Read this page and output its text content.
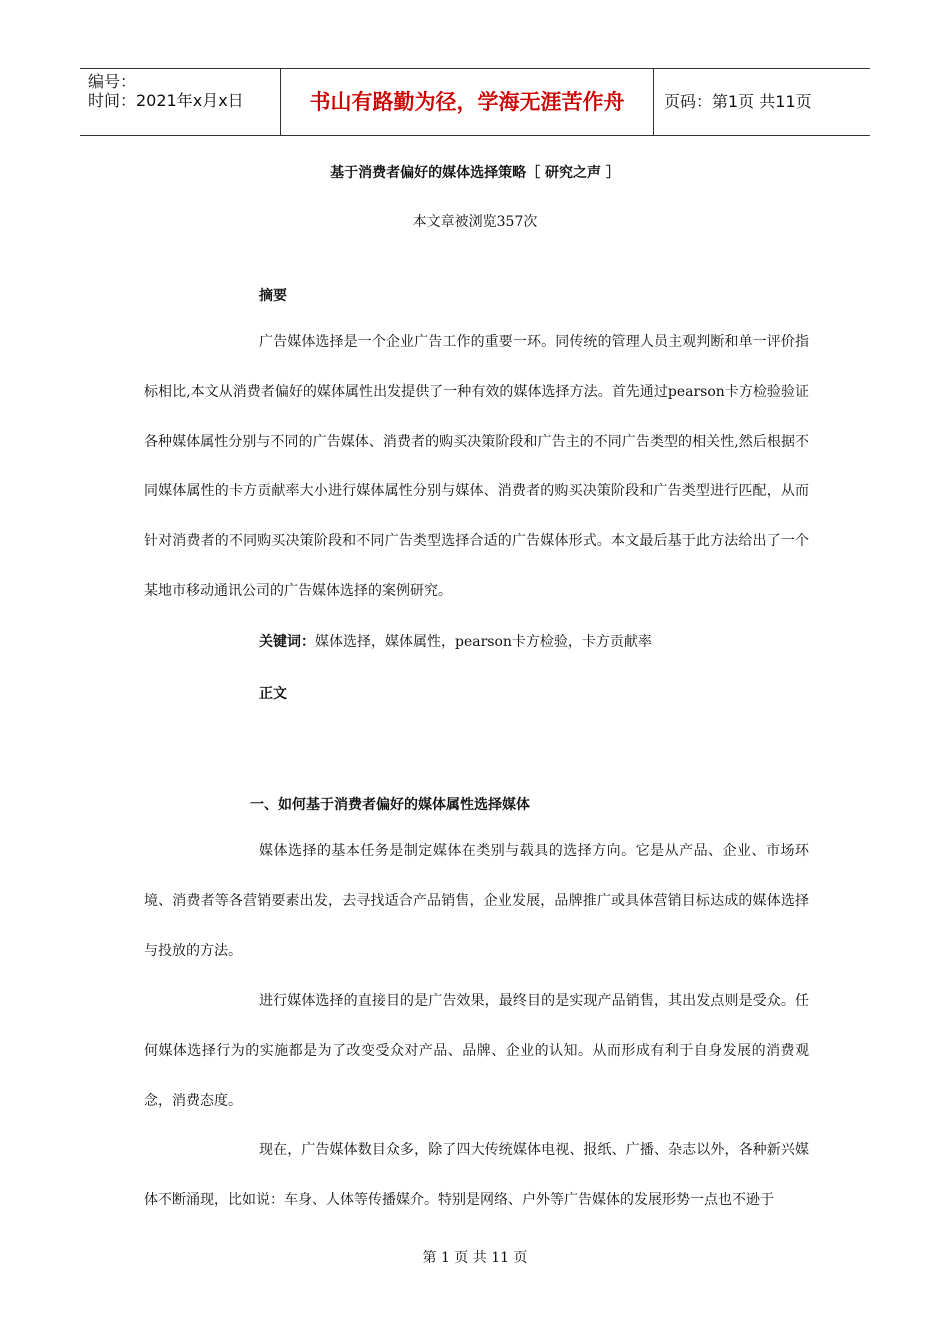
编号：
时间：2021年x月x日	书山有路勤为径，学海无涯苦作舟	页码：第1页 共11页
基于消费者偏好的媒体选择策略［ 研究之声 ］
本文章被浏览357次
摘要

广告媒体选择是一个企业广告工作的重要一环。同传统的管理人员主观判断和单一评价指标相比,本文从消费者偏好的媒体属性出发提供了一种有效的媒体选择方法。首先通过pearson卡方检验验证各种媒体属性分别与不同的广告媒体、消费者的购买决策阶段和广告主的不同广告类型的相关性,然后根据不同媒体属性的卡方贡献率大小进行媒体属性分别与媒体、消费者的购买决策阶段和广告类型进行匹配，从而针对消费者的不同购买决策阶段和不同广告类型选择合适的广告媒体形式。本文最后基于此方法给出了一个某地市移动通讯公司的广告媒体选择的案例研究。

关键词：媒体选择，媒体属性，pearson卡方检验，卡方贡献率
正文
一、如何基于消费者偏好的媒体属性选择媒体

媒体选择的基本任务是制定媒体在类别与载具的选择方向。它是从产品、企业、市场环境、消费者等各营销要素出发，去寻找适合产品销售，企业发展，品牌推广或具体营销目标达成的媒体选择与投放的方法。

进行媒体选择的直接目的是广告效果，最终目的是实现产品销售，其出发点则是受众。任何媒体选择行为的实施都是为了改变受众对产品、品牌、企业的认知。从而形成有利于自身发展的消费观念，消费态度。

现在，广告媒体数目众多，除了四大传统媒体电视、报纸、广播、杂志以外，各种新兴媒体不断涌现，比如说：车身、人体等传播媒介。特别是网络、户外等广告媒体的发展形势一点也不逊于

第 1 页 共 11 页
